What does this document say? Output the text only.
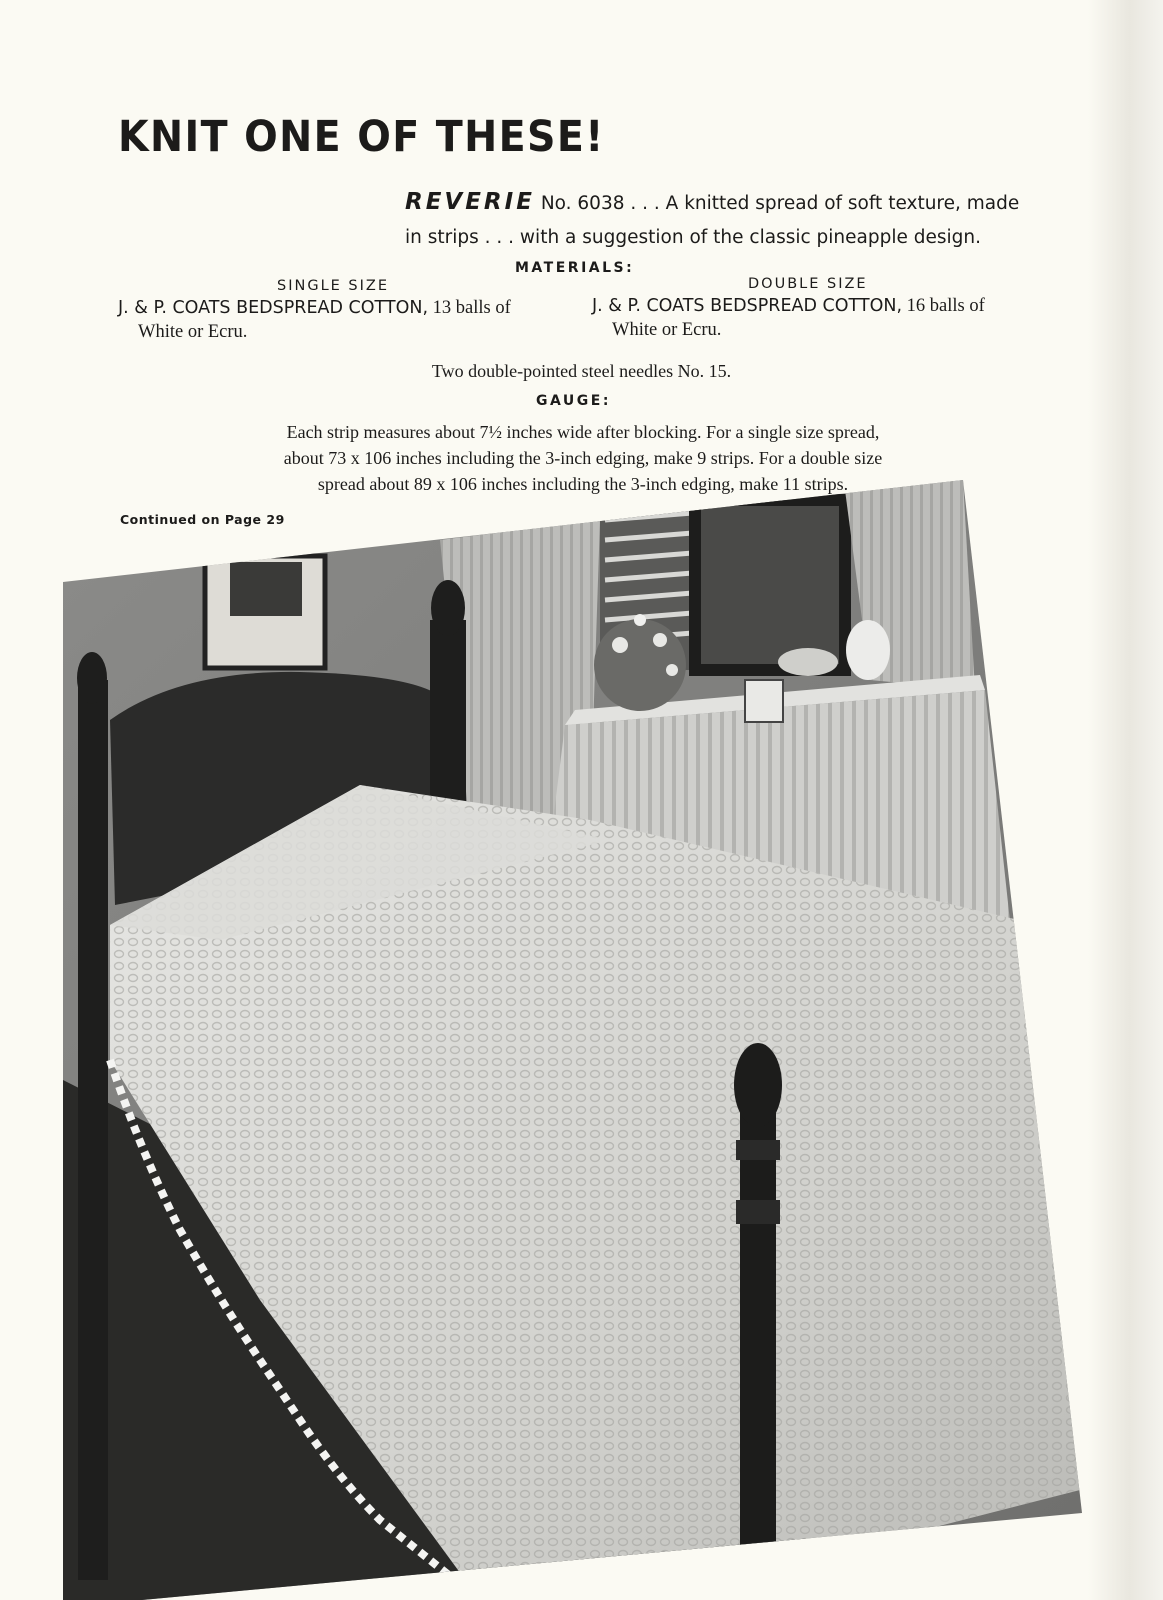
KNIT ONE OF THESE!
REVERIE No. 6038 . . . A knitted spread of soft texture, made
in strips . . . with a suggestion of the classic pineapple design.
MATERIALS:
SINGLE SIZE	DOUBLE SIZE
J. & P. COATS BEDSPREAD COTTON, 13 balls of
White or Ecru.
J. & P. COATS BEDSPREAD COTTON, 16 balls of
White or Ecru.
Two double-pointed steel needles No. 15.
GAUGE:
Each strip measures about 7½ inches wide after blocking. For a single size spread,
about 73 x 106 inches including the 3-inch edging, make 9 strips. For a double size
spread about 89 x 106 inches including the 3-inch edging, make 11 strips.
Continued on Page 29
